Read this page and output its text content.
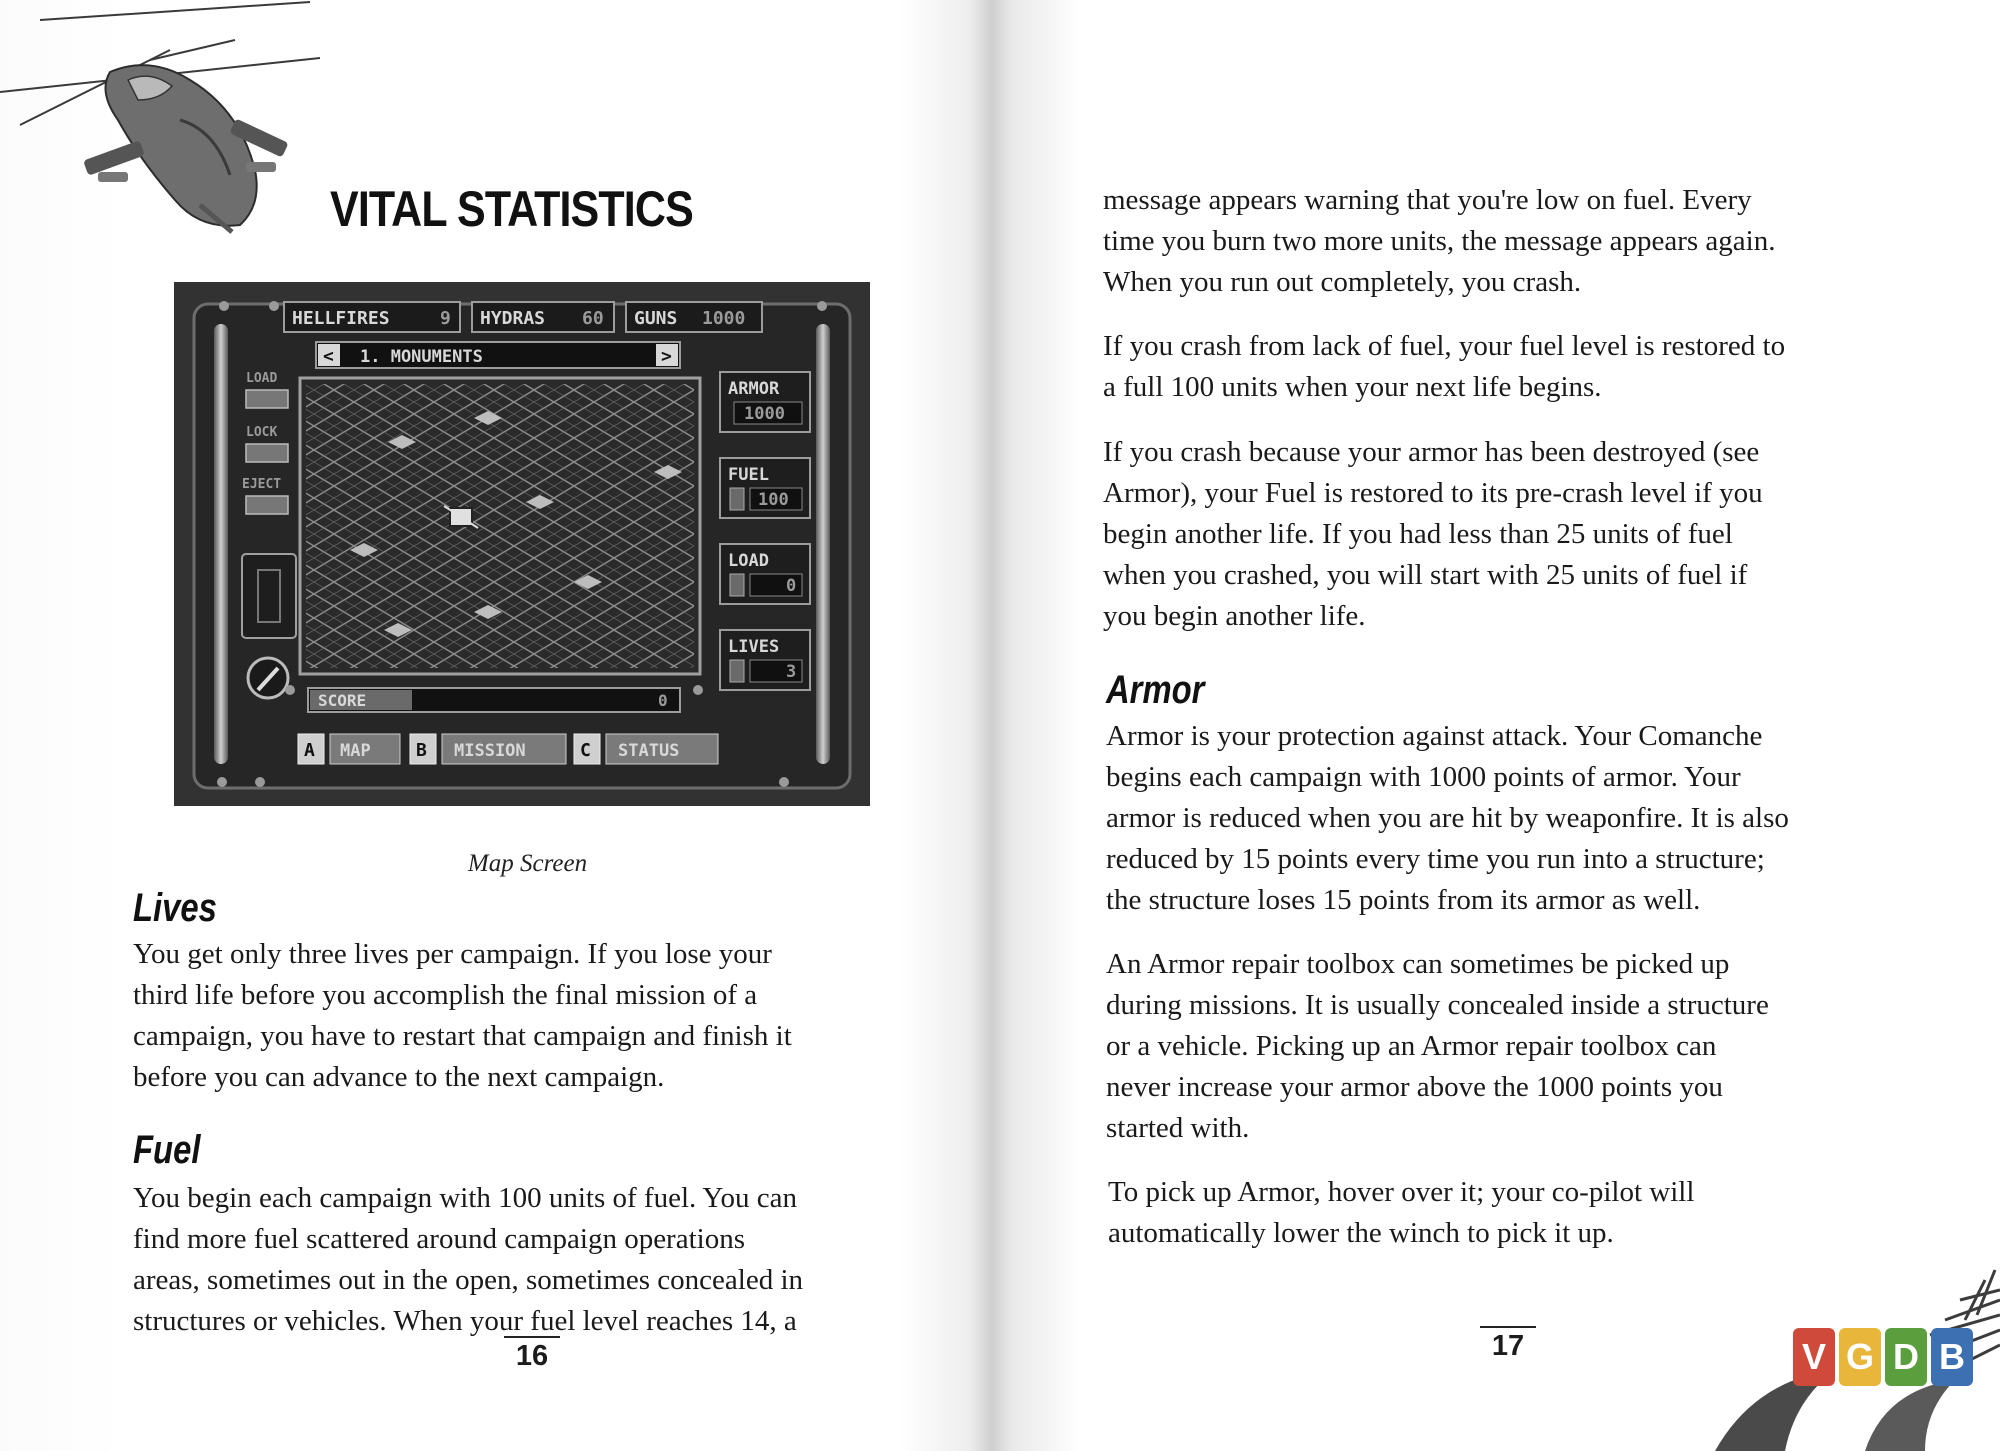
VITAL STATISTICS
HELLFIRES	9 HYDRAS 60 GUNS 1000
< 1. MONUMENTS	>
LOAD
LOCK
EJECT
ARMOR
1000
FUEL
100
LOAD
0
LIVES
3
SCORE	0
A MAP	B MISSION	C STATUS

Map Screen

Lives

You get only three lives per campaign. If you lose your
third life before you accomplish the final mission of a
campaign, you have to restart that campaign and finish it
before you can advance to the next campaign.

Fuel

You begin each campaign with 100 units of fuel. You can
find more fuel scattered around campaign operations
areas, sometimes out in the open, sometimes concealed in
structures or vehicles. When your fuel level reaches 14, a

16

message appears warning that you're low on fuel. Every
time you burn two more units, the message appears again.
When you run out completely, you crash.

If you crash from lack of fuel, your fuel level is restored to
a full 100 units when your next life begins.

If you crash because your armor has been destroyed (see
Armor), your Fuel is restored to its pre-crash level if you
begin another life. If you had less than 25 units of fuel
when you crashed, you will start with 25 units of fuel if
you begin another life.

Armor

Armor is your protection against attack. Your Comanche
begins each campaign with 1000 points of armor. Your
armor is reduced when you are hit by weaponfire. It is also
reduced by 15 points every time you run into a structure;
the structure loses 15 points from its armor as well.

An Armor repair toolbox can sometimes be picked up
during missions. It is usually concealed inside a structure
or a vehicle. Picking up an Armor repair toolbox can
never increase your armor above the 1000 points you
started with.

To pick up Armor, hover over it; your co-pilot will
automatically lower the winch to pick it up.

17	V G D B
